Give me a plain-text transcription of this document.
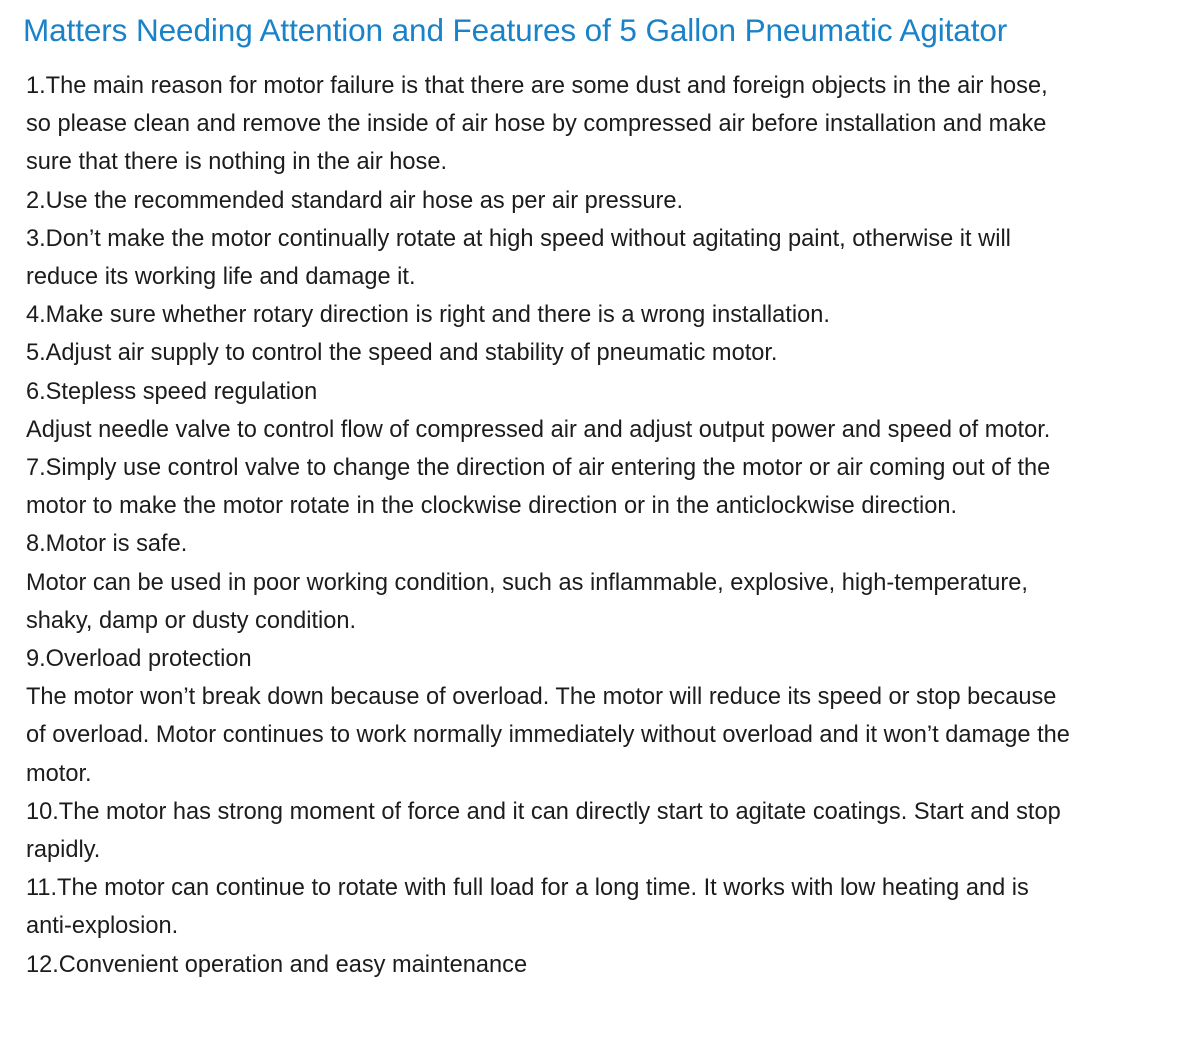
Matters Needing Attention and Features of 5 Gallon Pneumatic Agitator
1.The main reason for motor failure is that there are some dust and foreign objects in the air hose,
so please clean and remove the inside of air hose by compressed air before installation and make
sure that there is nothing in the air hose.
2.Use the recommended standard air hose as per air pressure.
3.Don’t make the motor continually rotate at high speed without agitating paint, otherwise it will
reduce its working life and damage it.
4.Make sure whether rotary direction is right and there is a wrong installation.
5.Adjust air supply to control the speed and stability of pneumatic motor.
6.Stepless speed regulation
Adjust needle valve to control flow of compressed air and adjust output power and speed of motor.
7.Simply use control valve to change the direction of air entering the motor or air coming out of the
motor to make the motor rotate in the clockwise direction or in the anticlockwise direction.
8.Motor is safe.
Motor can be used in poor working condition, such as inflammable, explosive, high-temperature,
shaky, damp or dusty condition.
9.Overload protection
The motor won’t break down because of overload. The motor will reduce its speed or stop because
of overload. Motor continues to work normally immediately without overload and it won’t damage the
motor.
10.The motor has strong moment of force and it can directly start to agitate coatings. Start and stop
rapidly.
11.The motor can continue to rotate with full load for a long time. It works with low heating and is
anti-explosion.
12.Convenient operation and easy maintenance
